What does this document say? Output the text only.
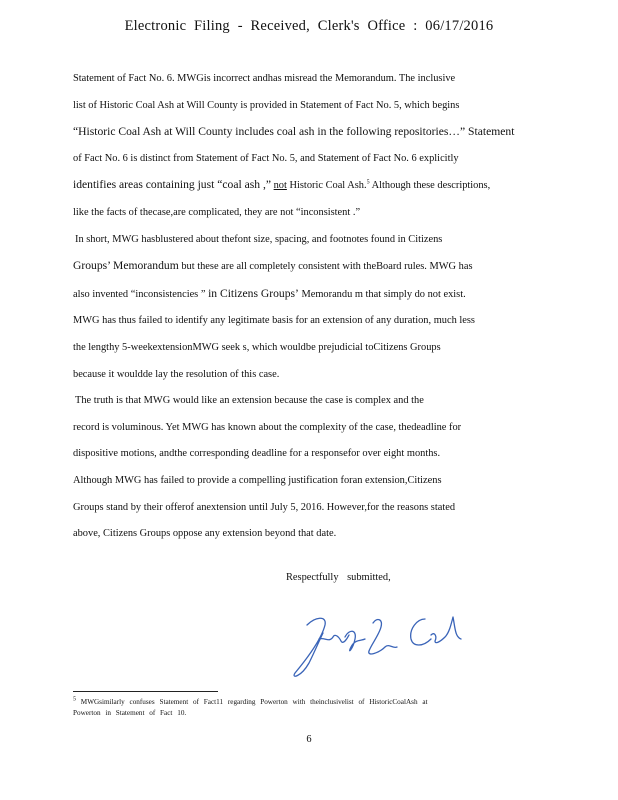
Electronic Filing - Received, Clerk's Office : 06/17/2016
Statement of Fact No. 6. MWGis incorrect andhas misread the Memorandum. The inclusive
list of Historic Coal Ash at Will County is provided in Statement of Fact No. 5, which begins
“Historic Coal Ash at Will County includes coal ash in the following repositories…” Statement
of Fact No. 6 is distinct from Statement of Fact No. 5, and Statement of Fact No. 6 explicitly
identifies areas containing just “coal ash ,” not Historic Coal Ash.$^5$ Although these descriptions,
like the facts of thecase,are complicated, they are not “inconsistent .”
In short, MWG hasblustered about thefont size, spacing, and footnotes found in Citizens
Groups’ Memorandum but these are all completely consistent with theBoard rules. MWG has
also invented “inconsistencies ” in Citizens Groups’ Memorandu m that simply do not exist.
MWG has thus failed to identify any legitimate basis for an extension of any duration, much less
the lengthy 5-weekextensionMWG seek s, which wouldbe prejudicial toCitizens Groups
because it wouldde lay the resolution of this case.
The truth is that MWG would like an extension because the case is complex and the
record is voluminous. Yet MWG has known about the complexity of the case, thedeadline for
dispositive motions, andthe corresponding deadline for a responsefor over eight months.
Although MWG has failed to provide a compelling justification foran extension,Citizens
Groups stand by their offerof anextension until July 5, 2016. However,for the reasons stated
above, Citizens Groups oppose any extension beyond that date.
Respectfully submitted,

$^5$ MWGsimilarly confuses Statement of Fact11 regarding Powerton with theinclusivelist of HistoricCoalAsh at

Powerton in Statement of Fact 10.

6
